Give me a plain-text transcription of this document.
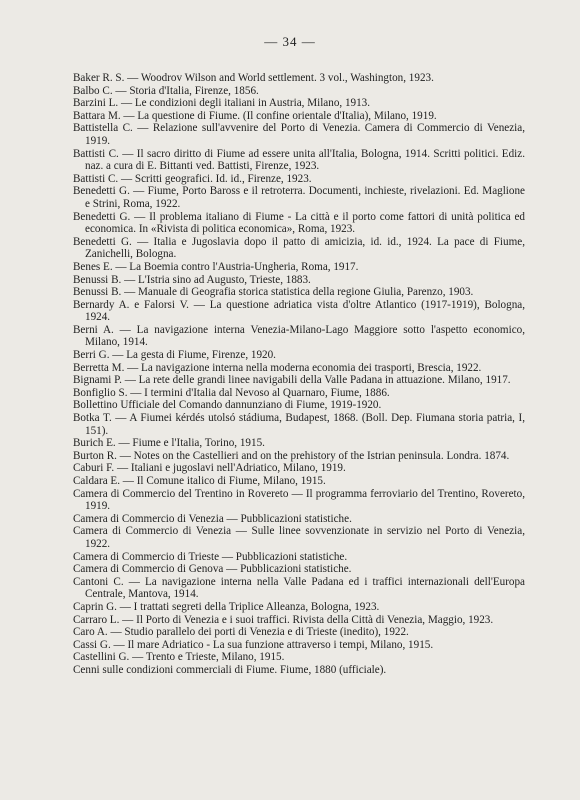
— 34 —
Baker R. S. — Woodrov Wilson and World settlement. 3 vol., Washington, 1923.
Balbo C. — Storia d'Italia, Firenze, 1856.
Barzini L. — Le condizioni degli italiani in Austria, Milano, 1913.
Battara M. — La questione di Fiume. (Il confine orientale d'Italia), Milano, 1919.
Battistella C. — Relazione sull'avvenire del Porto di Venezia. Camera di Commercio di Venezia, 1919.
Battisti C. — Il sacro diritto di Fiume ad essere unita all'Italia, Bologna, 1914. Scritti politici. Ediz. naz. a cura di E. Bittanti ved. Battisti, Firenze, 1923.
Battisti C. — Scritti geografici. Id. id., Firenze, 1923.
Benedetti G. — Fiume, Porto Baross e il retroterra. Documenti, inchieste, rivelazioni. Ed. Maglione e Strini, Roma, 1922.
Benedetti G. — Il problema italiano di Fiume - La città e il porto come fattori di unità politica ed economica. In «Rivista di politica economica», Roma, 1923.
Benedetti G. — Italia e Jugoslavia dopo il patto di amicizia, id. id., 1924. La pace di Fiume, Zanichelli, Bologna.
Benes E. — La Boemia contro l'Austria-Ungheria, Roma, 1917.
Benussi B. — L'Istria sino ad Augusto, Trieste, 1883.
Benussi B. — Manuale di Geografia storica statistica della regione Giulia, Parenzo, 1903.
Bernardy A. e Falorsi V. — La questione adriatica vista d'oltre Atlantico (1917-1919), Bologna, 1924.
Berni A. — La navigazione interna Venezia-Milano-Lago Maggiore sotto l'aspetto economico, Milano, 1914.
Berri G. — La gesta di Fiume, Firenze, 1920.
Berretta M. — La navigazione interna nella moderna economia dei trasporti, Brescia, 1922.
Bignami P. — La rete delle grandi linee navigabili della Valle Padana in attuazione. Milano, 1917.
Bonfiglio S. — I termini d'Italia dal Nevoso al Quarnaro, Fiume, 1886.
Bollettino Ufficiale del Comando dannunziano di Fiume, 1919-1920.
Botka T. — A Fiumei kérdés utolsó stádiuma, Budapest, 1868. (Boll. Dep. Fiumana storia patria, I, 151).
Burich E. — Fiume e l'Italia, Torino, 1915.
Burton R. — Notes on the Castellieri and on the prehistory of the Istrian peninsula. Londra. 1874.
Caburi F. — Italiani e jugoslavi nell'Adriatico, Milano, 1919.
Caldara E. — Il Comune italico di Fiume, Milano, 1915.
Camera di Commercio del Trentino in Rovereto — Il programma ferroviario del Trentino, Rovereto, 1919.
Camera di Commercio di Venezia — Pubblicazioni statistiche.
Camera di Commercio di Venezia — Sulle linee sovvenzionate in servizio nel Porto di Venezia, 1922.
Camera di Commercio di Trieste — Pubblicazioni statistiche.
Camera di Commercio di Genova — Pubblicazioni statistiche.
Cantoni C. — La navigazione interna nella Valle Padana ed i traffici internazionali dell'Europa Centrale, Mantova, 1914.
Caprin G. — I trattati segreti della Triplice Alleanza, Bologna, 1923.
Carraro L. — Il Porto di Venezia e i suoi traffici. Rivista della Città di Venezia, Maggio, 1923.
Caro A. — Studio parallelo dei porti di Venezia e di Trieste (inedito), 1922.
Cassi G. — Il mare Adriatico - La sua funzione attraverso i tempi, Milano, 1915.
Castellini G. — Trento e Trieste, Milano, 1915.
Cenni sulle condizioni commerciali di Fiume. Fiume, 1880 (ufficiale).
